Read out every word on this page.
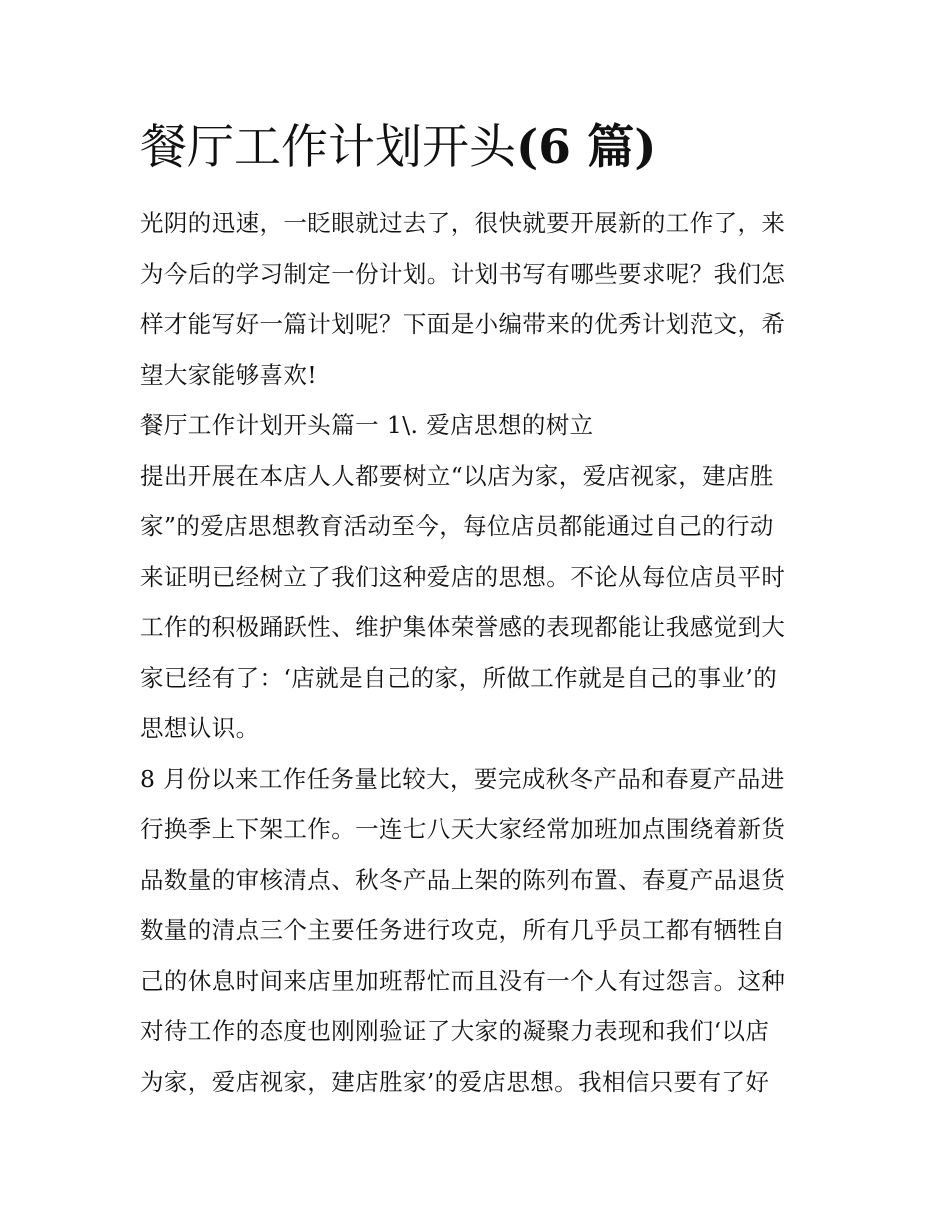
餐厅工作计划开头(6 篇)
光阴的迅速，一眨眼就过去了，很快就要开展新的工作了，来
为今后的学习制定一份计划。计划书写有哪些要求呢？我们怎
样才能写好一篇计划呢？下面是小编带来的优秀计划范文，希
望大家能够喜欢!
餐厅工作计划开头篇一 1\. 爱店思想的树立
提出开展在本店人人都要树立“以店为家，爱店视家，建店胜
家”的爱店思想教育活动至今，每位店员都能通过自己的行动
来证明已经树立了我们这种爱店的思想。不论从每位店员平时
工作的积极踊跃性、维护集体荣誉感的表现都能让我感觉到大
家已经有了：‘店就是自己的家，所做工作就是自己的事业’的
思想认识。
8 月份以来工作任务量比较大，要完成秋冬产品和春夏产品进
行换季上下架工作。一连七八天大家经常加班加点围绕着新货
品数量的审核清点、秋冬产品上架的陈列布置、春夏产品退货
数量的清点三个主要任务进行攻克，所有几乎员工都有牺牲自
己的休息时间来店里加班帮忙而且没有一个人有过怨言。这种
对待工作的态度也刚刚验证了大家的凝聚力表现和我们‘以店
为家，爱店视家，建店胜家’的爱店思想。我相信只要有了好
